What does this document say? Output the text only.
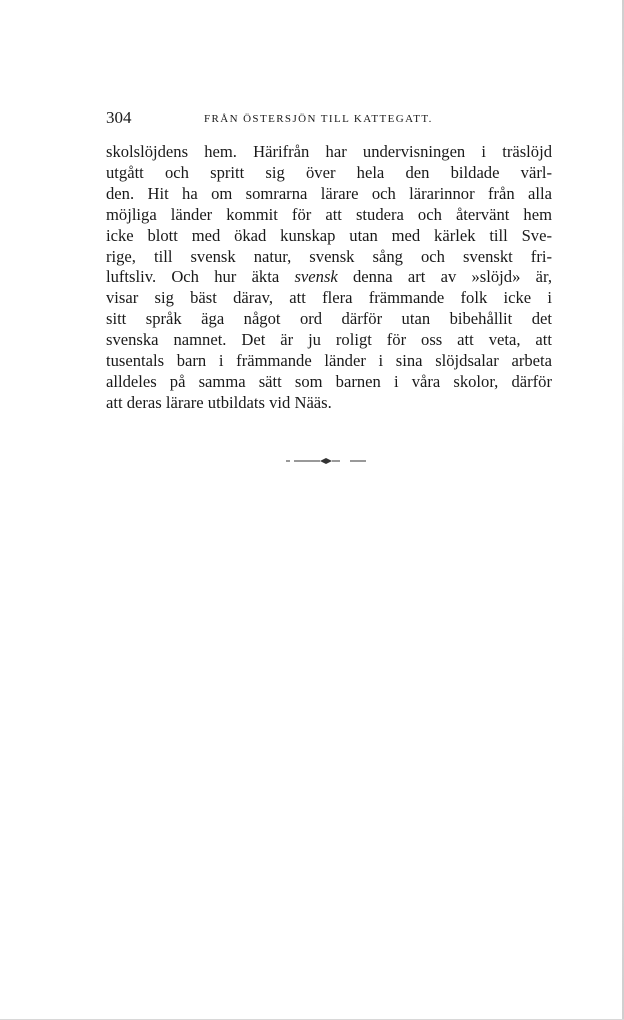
304	FRÅN ÖSTERSJÖN TILL KATTEGATT.
skolslöjdens hem. Härifrån har undervisningen i träslöjd
utgått och spritt sig över hela den bildade värl-
den. Hit ha om somrarna lärare och lärarinnor från alla
möjliga länder kommit för att studera och återvänt hem
icke blott med ökad kunskap utan med kärlek till Sve-
rige, till svensk natur, svensk sång och svenskt fri-
luftsliv. Och hur äkta svensk denna art av »slöjd» är,
visar sig bäst därav, att flera främmande folk icke i
sitt språk äga något ord därför utan bibehållit det
svenska namnet. Det är ju roligt för oss att veta, att
tusentals barn i främmande länder i sina slöjdsalar arbeta
alldeles på samma sätt som barnen i våra skolor, därför
att deras lärare utbildats vid Nääs.
